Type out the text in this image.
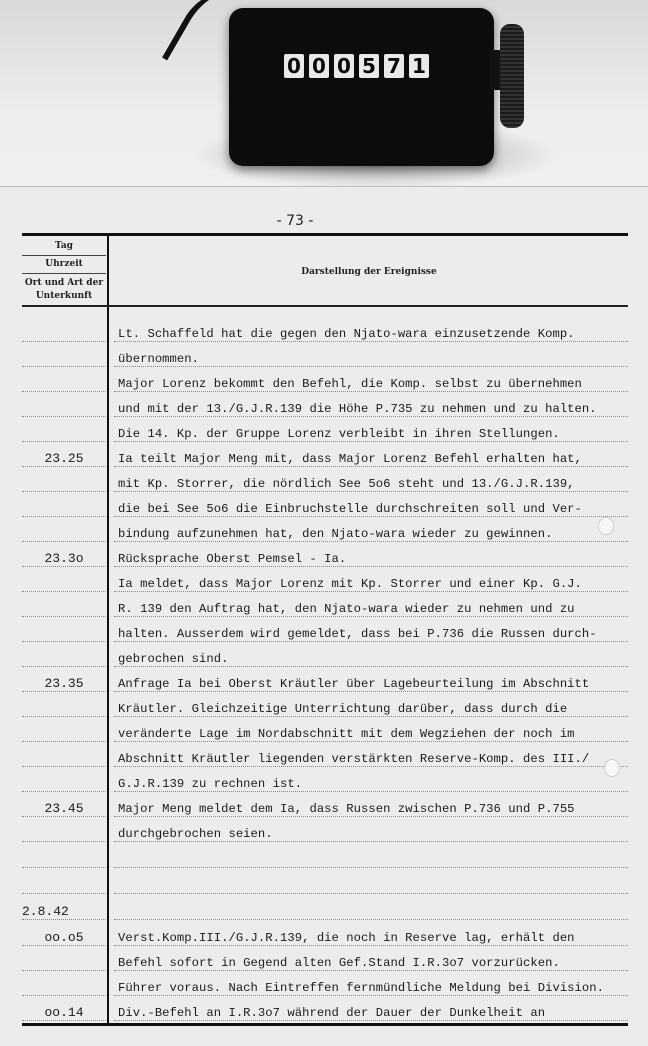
0 0 0 5 7 1
- 73 -
Tag
Uhrzeit
Ort und Art der Unterkunft
Darstellung der Ereignisse
Lt. Schaffeld hat die gegen den Njato-wara einzusetzende Komp.
übernommen.
Major Lorenz bekommt den Befehl, die Komp. selbst zu übernehmen
und mit der 13./G.J.R.139 die Höhe P.735 zu nehmen und zu halten.
Die 14. Kp. der Gruppe Lorenz verbleibt in ihren Stellungen.
23.25	Ia teilt Major Meng mit, dass Major Lorenz Befehl erhalten hat,
mit Kp. Storrer, die nördlich See 5o6 steht und 13./G.J.R.139,
die bei See 5o6 die Einbruchstelle durchschreiten soll und Ver-
bindung aufzunehmen hat, den Njato-wara wieder zu gewinnen.
23.3o	Rücksprache Oberst Pemsel - Ia.
Ia meldet, dass Major Lorenz mit Kp. Storrer und einer Kp. G.J.
R. 139 den Auftrag hat, den Njato-wara wieder zu nehmen und zu
halten. Ausserdem wird gemeldet, dass bei P.736 die Russen durch-
gebrochen sind.
23.35	Anfrage Ia bei Oberst Kräutler über Lagebeurteilung im Abschnitt
Kräutler. Gleichzeitige Unterrichtung darüber, dass durch die
veränderte Lage im Nordabschnitt mit dem Wegziehen der noch im
Abschnitt Kräutler liegenden verstärkten Reserve-Komp. des III./
G.J.R.139 zu rechnen ist.
23.45	Major Meng meldet dem Ia, dass Russen zwischen P.736 und P.755
durchgebrochen seien.
2.8.42
oo.o5	Verst.Komp.III./G.J.R.139, die noch in Reserve lag, erhält den
Befehl sofort in Gegend alten Gef.Stand I.R.3o7 vorzurücken.
Führer voraus. Nach Eintreffen fernmündliche Meldung bei Division.
oo.14	Div.-Befehl an I.R.3o7 während der Dauer der Dunkelheit an
